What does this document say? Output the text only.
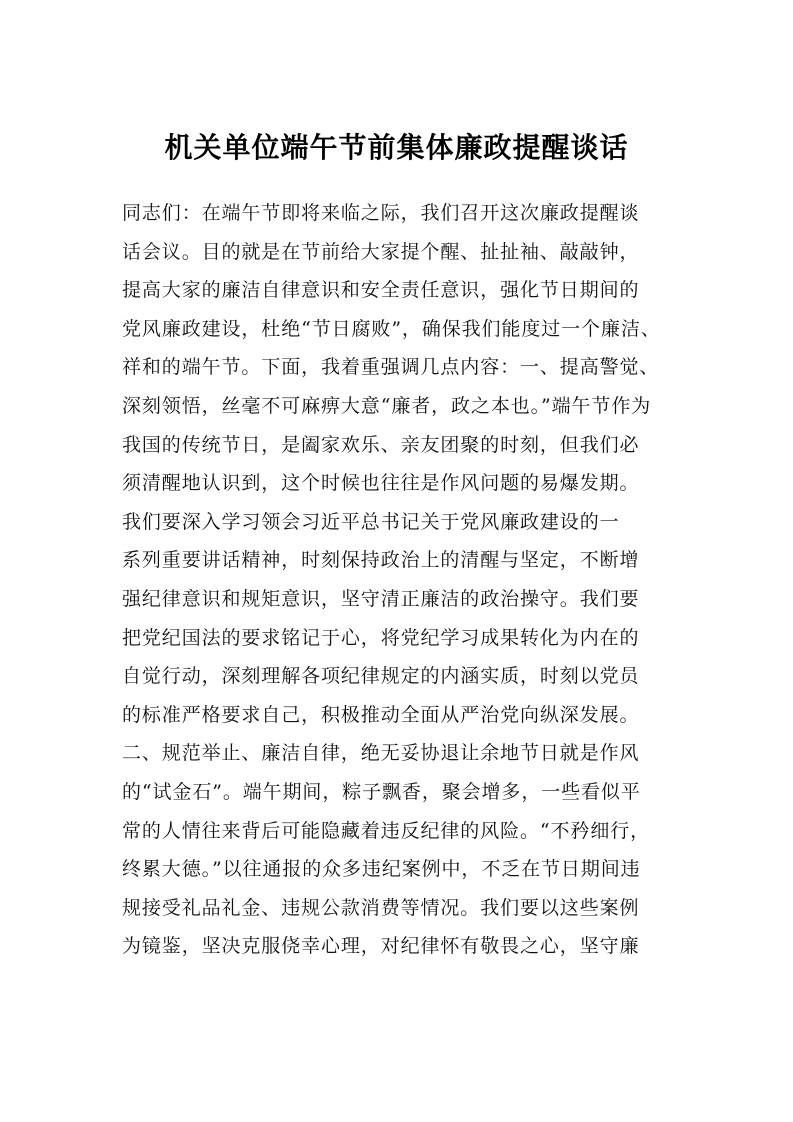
机关单位端午节前集体廉政提醒谈话
同志们：在端午节即将来临之际，我们召开这次廉政提醒谈
话会议。目的就是在节前给大家提个醒、扯扯袖、敲敲钟，
提高大家的廉洁自律意识和安全责任意识，强化节日期间的
党风廉政建设，杜绝“节日腐败”，确保我们能度过一个廉洁、
祥和的端午节。下面，我着重强调几点内容：一、提高警觉、
深刻领悟，丝毫不可麻痹大意“廉者，政之本也。”端午节作为
我国的传统节日，是阖家欢乐、亲友团聚的时刻，但我们必
须清醒地认识到，这个时候也往往是作风问题的易爆发期。
我们要深入学习领会习近平总书记关于党风廉政建设的一
系列重要讲话精神，时刻保持政治上的清醒与坚定，不断增
强纪律意识和规矩意识，坚守清正廉洁的政治操守。我们要
把党纪国法的要求铭记于心，将党纪学习成果转化为内在的
自觉行动，深刻理解各项纪律规定的内涵实质，时刻以党员
的标准严格要求自己，积极推动全面从严治党向纵深发展。
二、规范举止、廉洁自律，绝无妥协退让余地节日就是作风
的“试金石”。端午期间，粽子飘香，聚会增多，一些看似平
常的人情往来背后可能隐藏着违反纪律的风险。“不矜细行，
终累大德。”以往通报的众多违纪案例中，不乏在节日期间违
规接受礼品礼金、违规公款消费等情况。我们要以这些案例
为镜鉴，坚决克服侥幸心理，对纪律怀有敬畏之心，坚守廉
